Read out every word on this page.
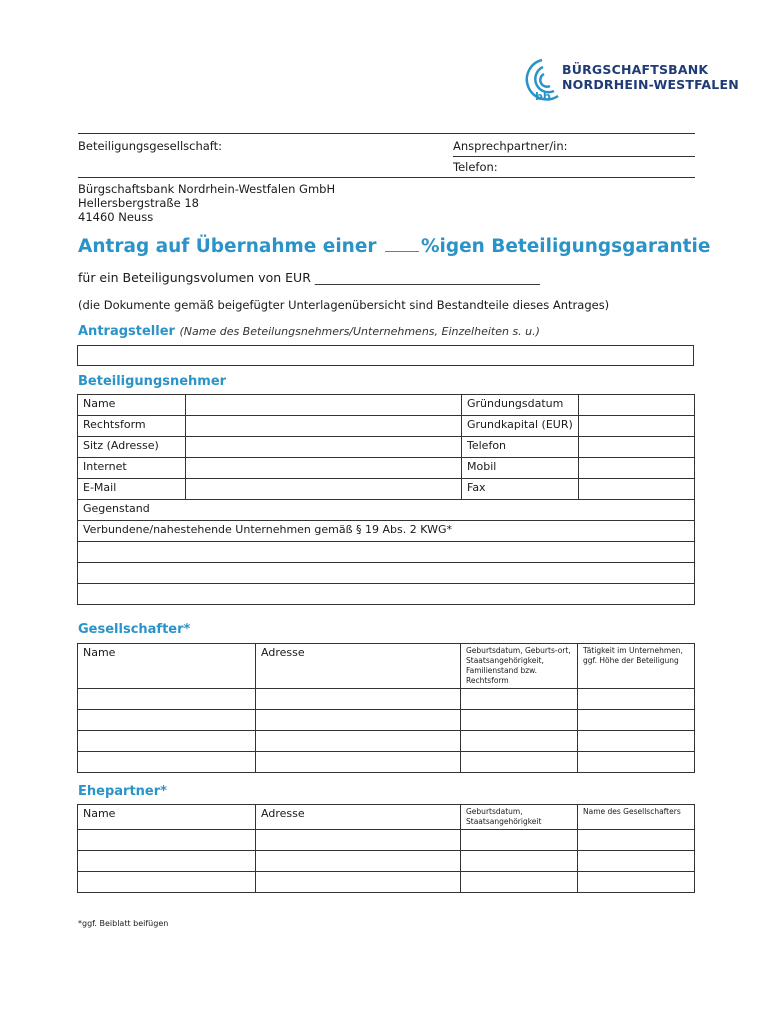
bb
BÜRGSCHAFTSBANK
NORDRHEIN-WESTFALEN
Beteiligungsgesellschaft:	Ansprechpartner/in:
Telefon:
Bürgschaftsbank Nordrhein-Westfalen GmbH
Hellersbergstraße 18
41460 Neuss
Antrag auf Übernahme einer %igen Beteiligungsgarantie
für ein Beteiligungsvolumen von EUR ____________________________________
(die Dokumente gemäß beigefügter Unterlagenübersicht sind Bestandteile dieses Antrages)
Antragsteller (Name des Beteilungsnehmers/Unternehmens, Einzelheiten s. u.)
Beteiligungsnehmer
Name		Gründungsdatum	
Rechtsform		Grundkapital (EUR)	
Sitz (Adresse)		Telefon	
Internet		Mobil	
E-Mail		Fax	
Gegenstand			
Verbundene/nahestehende Unternehmen gemäß § 19 Abs. 2 KWG*			

Gesellschafter*
Name	Adresse	Geburtsdatum, Geburts-ort, Staatsangehörigkeit, Familienstand bzw. Rechtsform	Tätigkeit im Unternehmen, ggf. Höhe der Beteiligung

Ehepartner*
Name	Adresse	Geburtsdatum, Staatsangehörigkeit	Name des Gesellschafters

*ggf. Beiblatt beifügen
